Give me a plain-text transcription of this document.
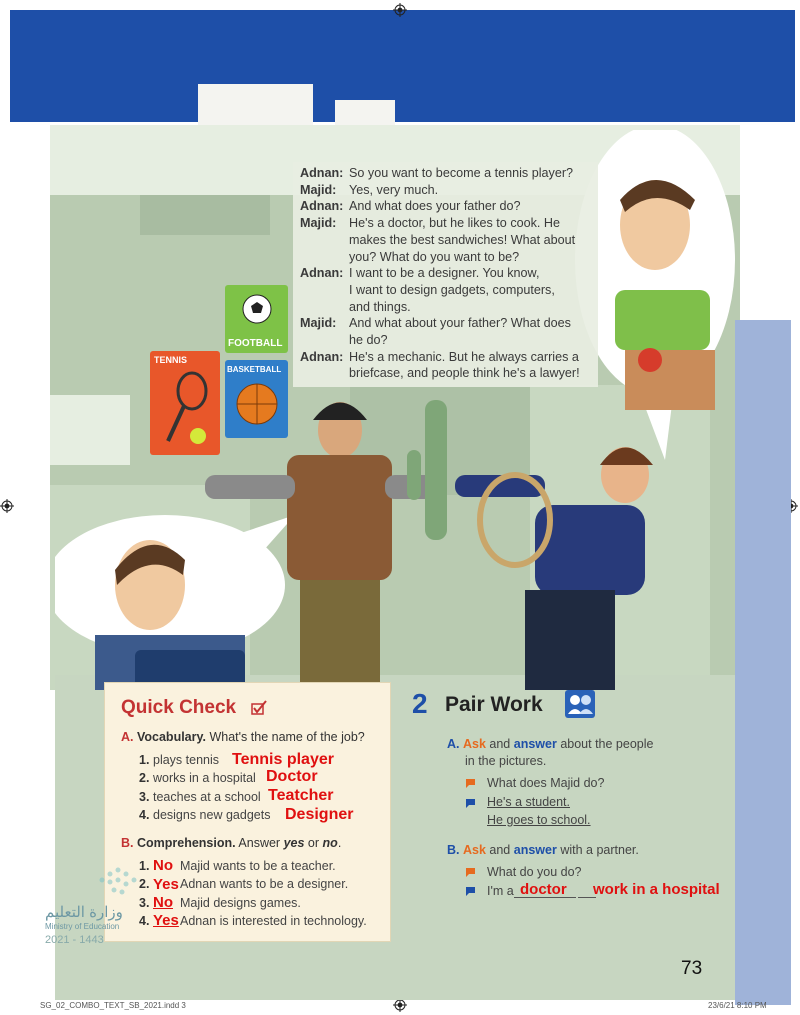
FOOTBALL
TENNIS
BASKETBALL
Adnan: So you want to become a tennis player?
Majid: Yes, very much.
Adnan: And what does your father do?
Majid: He's a doctor, but he likes to cook. He
makes the best sandwiches! What about
you? What do you want to be?
Adnan: I want to be a designer. You know,
I want to design gadgets, computers,
and things.
Majid: And what about your father? What does
he do?
Adnan: He's a mechanic. But he always carries a
briefcase, and people think he's a lawyer!
Quick Check
A. Vocabulary. What's the name of the job?
1. plays tennis Tennis player
2. works in a hospital Doctor
3. teaches at a school Teatcher
4. designs new gadgets Designer
B. Comprehension. Answer yes or no.
1. No Majid wants to be a teacher.
2. Yes Adnan wants to be a designer.
3. No Majid designs games.
4. Yes Adnan is interested in technology.
وزارة التعليم
Ministry of Education
2021 - 1443
2 Pair Work
A. Ask and answer about the people
in the pictures.
What does Majid do?
He's a student.
He goes to school.
B. Ask and answer with a partner.
What do you do?
I'm a doctor work in a hospital
73
SG_02_COMBO_TEXT_SB_2021.indd 3	23/6/21 8:10 PM
